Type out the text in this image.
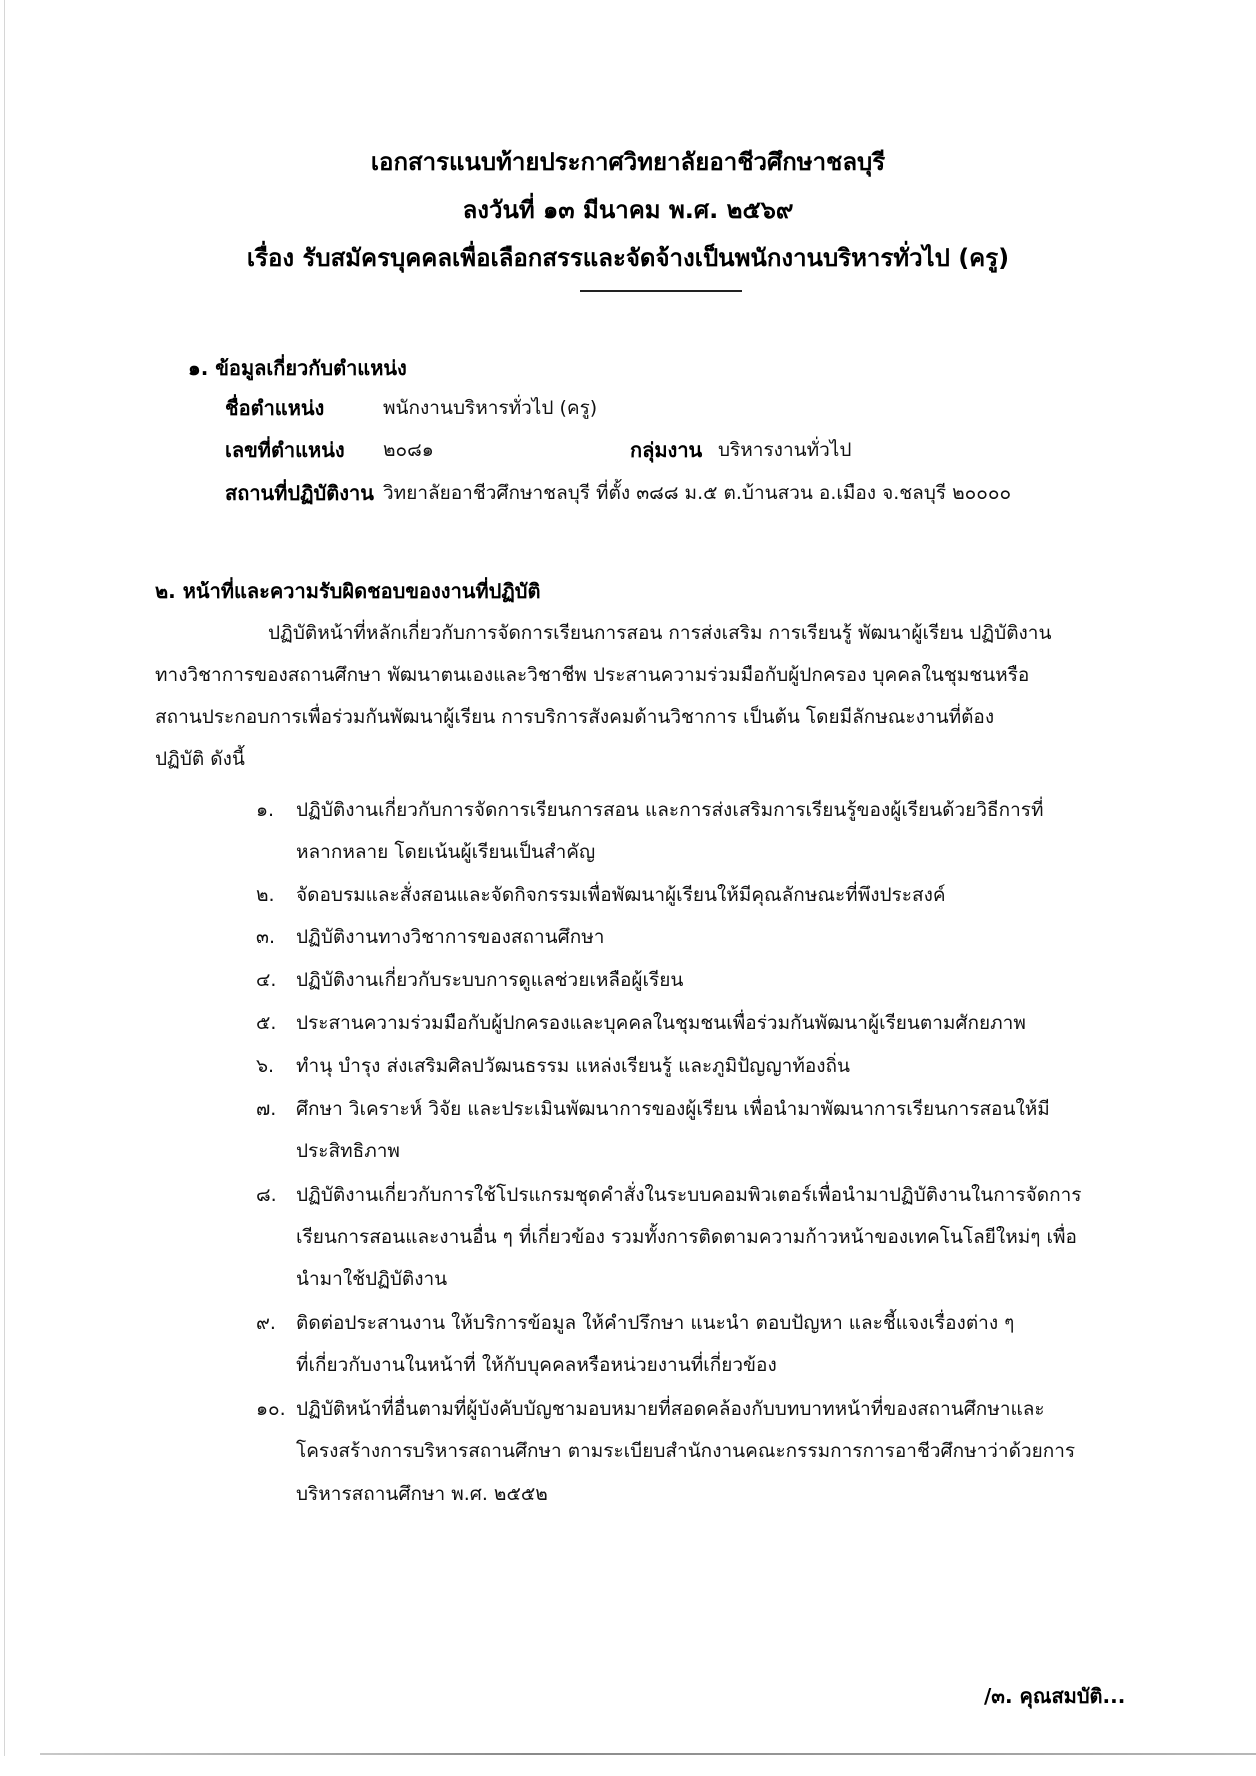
เอกสารแนบท้ายประกาศวิทยาลัยอาชีวศึกษาชลบุรี
ลงวันที่ ๑๓ มีนาคม พ.ศ. ๒๕๖๙
เรื่อง รับสมัครบุคคลเพื่อเลือกสรรและจัดจ้างเป็นพนักงานบริหารทั่วไป (ครู)
๑. ข้อมูลเกี่ยวกับตำแหน่ง
ชื่อตำแหน่ง	พนักงานบริหารทั่วไป (ครู)
เลขที่ตำแหน่ง ๒๐๘๑	กลุ่มงาน บริหารงานทั่วไป
สถานที่ปฏิบัติงาน วิทยาลัยอาชีวศึกษาชลบุรี ที่ตั้ง ๓๘๘ ม.๕ ต.บ้านสวน อ.เมือง จ.ชลบุรี ๒๐๐๐๐
๒. หน้าที่และความรับผิดชอบของงานที่ปฏิบัติ
ปฏิบัติหน้าที่หลักเกี่ยวกับการจัดการเรียนการสอน การส่งเสริม การเรียนรู้ พัฒนาผู้เรียน ปฏิบัติงาน
ทางวิชาการของสถานศึกษา พัฒนาตนเองและวิชาชีพ ประสานความร่วมมือกับผู้ปกครอง บุคคลในชุมชนหรือ
สถานประกอบการเพื่อร่วมกันพัฒนาผู้เรียน การบริการสังคมด้านวิชาการ เป็นต้น โดยมีลักษณะงานที่ต้อง
ปฏิบัติ ดังนี้
๑. ปฏิบัติงานเกี่ยวกับการจัดการเรียนการสอน และการส่งเสริมการเรียนรู้ของผู้เรียนด้วยวิธีการที่
หลากหลาย โดยเน้นผู้เรียนเป็นสำคัญ
๒. จัดอบรมและสั่งสอนและจัดกิจกรรมเพื่อพัฒนาผู้เรียนให้มีคุณลักษณะที่พึงประสงค์
๓. ปฏิบัติงานทางวิชาการของสถานศึกษา
๔. ปฏิบัติงานเกี่ยวกับระบบการดูแลช่วยเหลือผู้เรียน
๕. ประสานความร่วมมือกับผู้ปกครองและบุคคลในชุมชนเพื่อร่วมกันพัฒนาผู้เรียนตามศักยภาพ
๖. ทำนุ บำรุง ส่งเสริมศิลปวัฒนธรรม แหล่งเรียนรู้ และภูมิปัญญาท้องถิ่น
๗. ศึกษา วิเคราะห์ วิจัย และประเมินพัฒนาการของผู้เรียน เพื่อนำมาพัฒนาการเรียนการสอนให้มี
ประสิทธิภาพ
๘. ปฏิบัติงานเกี่ยวกับการใช้โปรแกรมชุดคำสั่งในระบบคอมพิวเตอร์เพื่อนำมาปฏิบัติงานในการจัดการ
เรียนการสอนและงานอื่น ๆ ที่เกี่ยวข้อง รวมทั้งการติดตามความก้าวหน้าของเทคโนโลยีใหม่ๆ เพื่อ
นำมาใช้ปฏิบัติงาน
๙. ติดต่อประสานงาน ให้บริการข้อมูล ให้คำปรึกษา แนะนำ ตอบปัญหา และชี้แจงเรื่องต่าง ๆ
ที่เกี่ยวกับงานในหน้าที่ ให้กับบุคคลหรือหน่วยงานที่เกี่ยวข้อง
๑๐. ปฏิบัติหน้าที่อื่นตามที่ผู้บังคับบัญชามอบหมายที่สอดคล้องกับบทบาทหน้าที่ของสถานศึกษาและ
โครงสร้างการบริหารสถานศึกษา ตามระเบียบสำนักงานคณะกรรมการการอาชีวศึกษาว่าด้วยการ
บริหารสถานศึกษา พ.ศ. ๒๕๕๒
/๓. คุณสมบัติ...
